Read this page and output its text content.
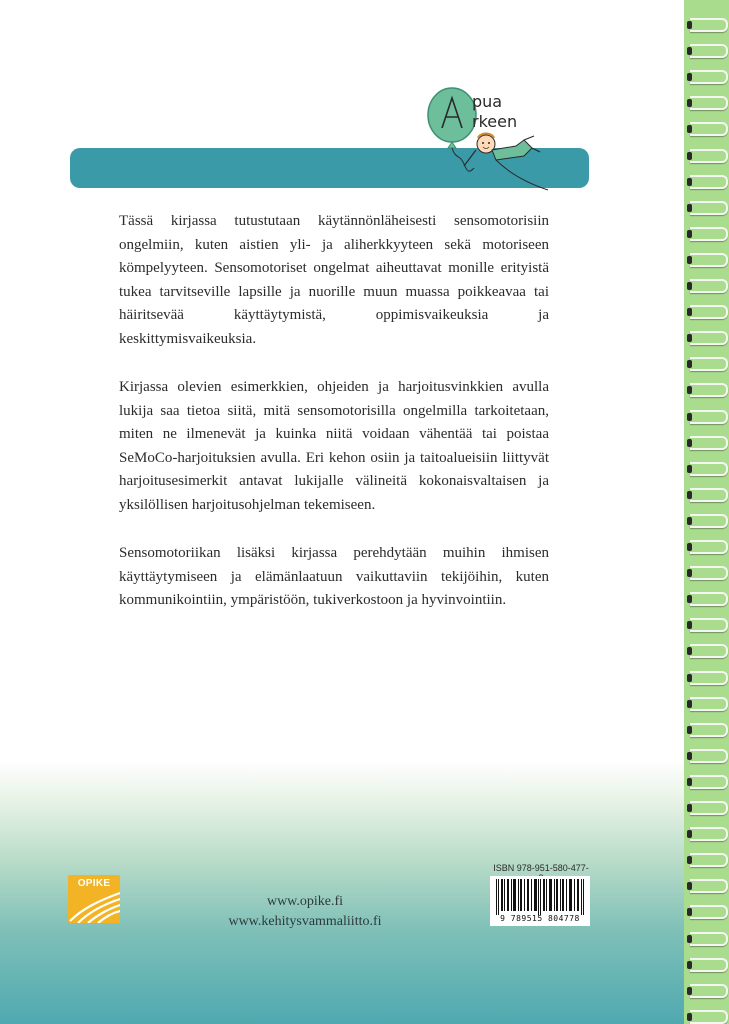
pua
rkeen

Tässä kirjassa tutustutaan käytännönläheisesti sensomotorisiin ongelmiin, kuten aistien yli- ja aliherkkyyteen sekä motoriseen kömpelyyteen. Sensomotoriset ongelmat aiheuttavat monille erityistä tukea tarvitseville lapsille ja nuorille muun muassa poikkeavaa tai häiritsevää käyttäytymistä, oppimisvaikeuksia ja keskittymisvaikeuksia.

Kirjassa olevien esimerkkien, ohjeiden ja harjoitusvinkkien avulla lukija saa tietoa siitä, mitä sensomotorisilla ongelmilla tarkoitetaan, miten ne ilmenevät ja kuinka niitä voidaan vähentää tai poistaa SeMoCo-harjoituksien avulla. Eri kehon osiin ja taitoalueisiin liittyvät harjoitusesimerkit antavat lukijalle välineitä kokonaisvaltaisen ja yksilöllisen harjoitusohjelman tekemiseen.

Sensomotoriikan lisäksi kirjassa perehdytään muihin ihmisen käyttäytymiseen ja elämänlaatuun vaikuttaviin tekijöihin, kuten kommunikointiin, ympäristöön, tukiverkostoon ja hyvinvointiin.

OPIKE
www.opike.fi
www.kehitysvammaliitto.fi
ISBN 978-951-580-477-
9 789515 804778
